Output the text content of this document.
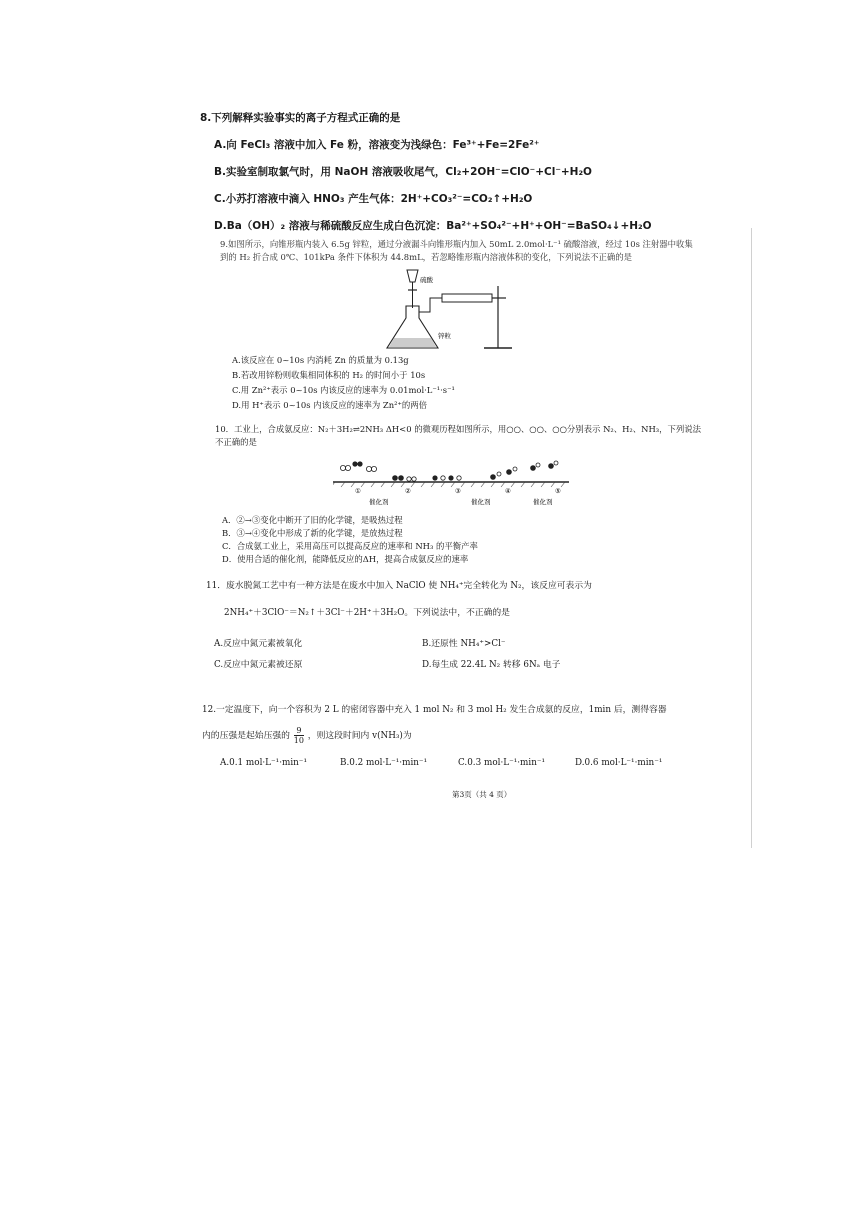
8.下列解释实验事实的离子方程式正确的是
A.向 FeCl₃ 溶液中加入 Fe 粉，溶液变为浅绿色：Fe³⁺+Fe=2Fe²⁺
B.实验室制取氯气时，用 NaOH 溶液吸收尾气，Cl₂+2OH⁻=ClO⁻+Cl⁻+H₂O
C.小苏打溶液中滴入 HNO₃ 产生气体：2H⁺+CO₃²⁻=CO₂↑+H₂O
D.Ba（OH）₂ 溶液与稀硫酸反应生成白色沉淀：Ba²⁺+SO₄²⁻+H⁺+OH⁻=BaSO₄↓+H₂O
9.如图所示，向锥形瓶内装入 6.5g 锌粒，通过分液漏斗向锥形瓶内加入 50mL 2.0mol·L⁻¹ 硫酸溶液，经过 10s 注射器中收集到的 H₂ 折合成 0℃、101kPa 条件下体积为 44.8mL，若忽略锥形瓶内溶液体积的变化，下列说法不正确的是
硫酸
锌粒
A.该反应在 0~10s 内消耗 Zn 的质量为 0.13g
B.若改用锌粉则收集相同体积的 H₂ 的时间小于 10s
C.用 Zn²⁺表示 0~10s 内该反应的速率为 0.01mol·L⁻¹·s⁻¹
D.用 H⁺表示 0~10s 内该反应的速率为 Zn²⁺的两倍
10．工业上，合成氨反应：N₂＋3H₂⇌2NH₃ ΔH<0 的微观历程如图所示，用○○、○○、○○分别表示 N₂、H₂、NH₃，下列说法不正确的是
①	②	③	④	⑤
催化剂	催化剂	催化剂
A．②→③变化中断开了旧的化学键，是吸热过程
B．③→④变化中形成了新的化学键，是放热过程
C．合成氨工业上，采用高压可以提高反应的速率和 NH₃ 的平衡产率
D．使用合适的催化剂，能降低反应的ΔH，提高合成氨反应的速率
11．废水脱氮工艺中有一种方法是在废水中加入 NaClO 使 NH₄⁺完全转化为 N₂，该反应可表示为
2NH₄⁺＋3ClO⁻＝N₂↑＋3Cl⁻＋2H⁺＋3H₂O。下列说法中，不正确的是
A.反应中氮元素被氧化	B.还原性 NH₄⁺>Cl⁻
C.反应中氮元素被还原	D.每生成 22.4L N₂ 转移 6Nₐ 电子
12.一定温度下，向一个容积为 2 L 的密闭容器中充入 1 mol N₂ 和 3 mol H₂ 发生合成氨的反应，1min 后，测得容器
内的压强是起始压强的 $\frac{9}{10}$ ，则这段时间内 v(NH₃)为
A.0.1 mol·L⁻¹·min⁻¹	B.0.2 mol·L⁻¹·min⁻¹	C.0.3 mol·L⁻¹·min⁻¹	D.0.6 mol·L⁻¹·min⁻¹
第3页（共 4 页）
